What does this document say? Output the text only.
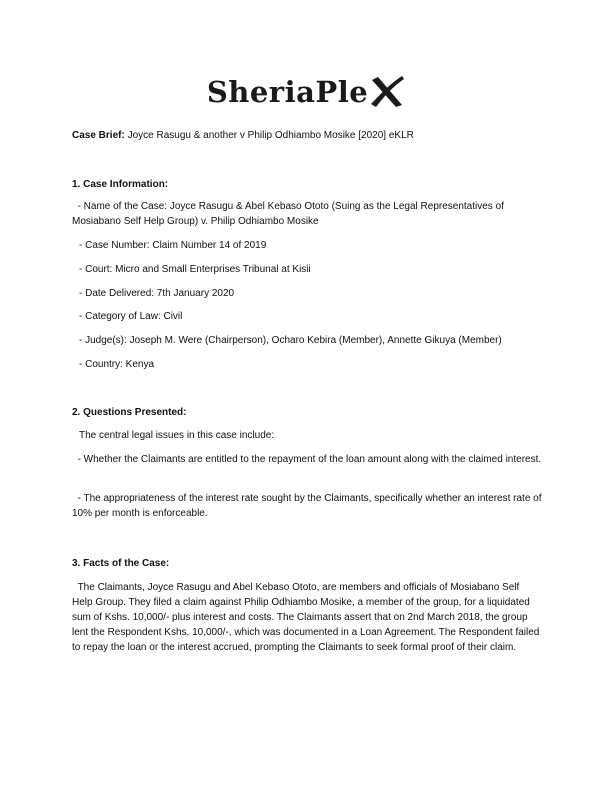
SheriaPle

Case Brief: Joyce Rasugu & another v Philip Odhiambo Mosike [2020] eKLR

1. Case Information:

- Name of the Case: Joyce Rasugu & Abel Kebaso Ototo (Suing as the Legal Representatives of Mosiabano Self Help Group) v. Philip Odhiambo Mosike

- Case Number: Claim Number 14 of 2019

- Court: Micro and Small Enterprises Tribunal at Kisii

- Date Delivered: 7th January 2020

- Category of Law: Civil

- Judge(s): Joseph M. Were (Chairperson), Ocharo Kebira (Member), Annette Gikuya (Member)

- Country: Kenya

2. Questions Presented:

The central legal issues in this case include:

- Whether the Claimants are entitled to the repayment of the loan amount along with the claimed interest.

- The appropriateness of the interest rate sought by the Claimants, specifically whether an interest rate of 10% per month is enforceable.

3. Facts of the Case:

The Claimants, Joyce Rasugu and Abel Kebaso Ototo, are members and officials of Mosiabano Self Help Group. They filed a claim against Philip Odhiambo Mosike, a member of the group, for a liquidated sum of Kshs. 10,000/- plus interest and costs. The Claimants assert that on 2nd March 2018, the group lent the Respondent Kshs. 10,000/-, which was documented in a Loan Agreement. The Respondent failed to repay the loan or the interest accrued, prompting the Claimants to seek formal proof of their claim.
